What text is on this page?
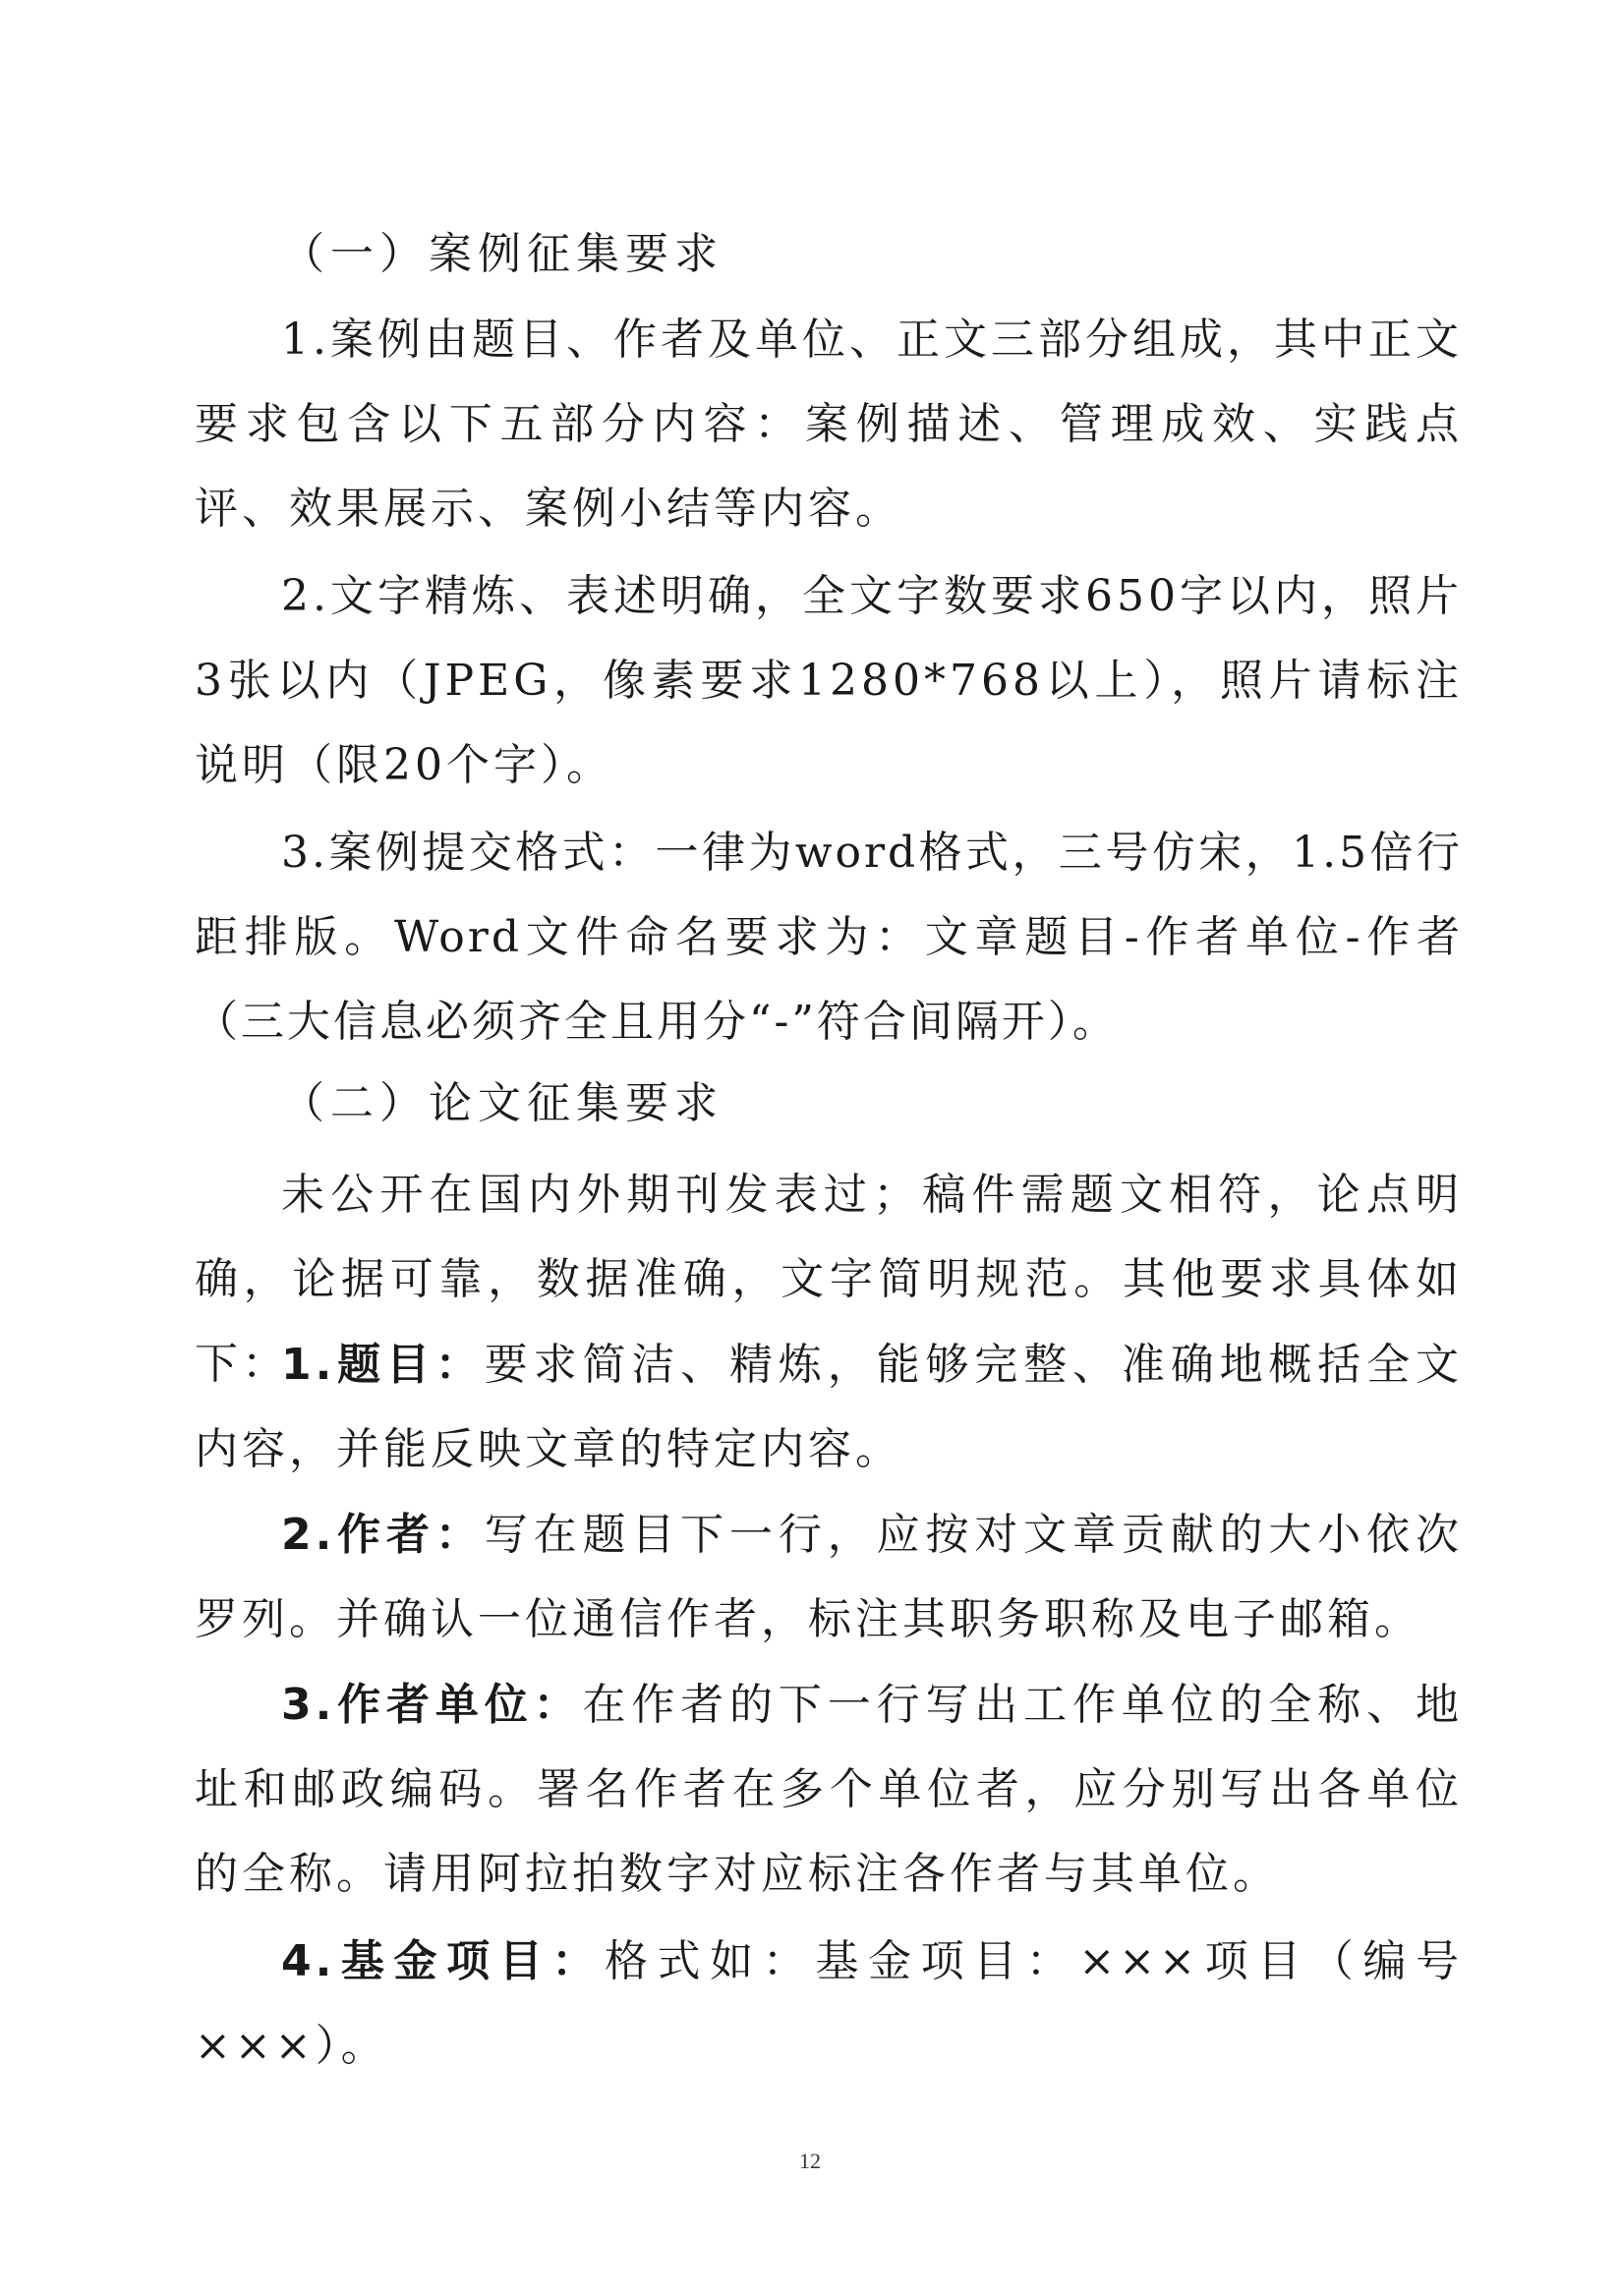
（一）案例征集要求
1.案例由题目、作者及单位、正文三部分组成，其中正文要求包含以下五部分内容：案例描述、管理成效、实践点评、效果展示、案例小结等内容。
2.文字精炼、表述明确，全文字数要求650字以内，照片3张以内（JPEG，像素要求1280*768以上），照片请标注说明（限20个字）。
3.案例提交格式：一律为word格式，三号仿宋，1.5倍行距排版。Word文件命名要求为：文章题目-作者单位-作者（三大信息必须齐全且用分“-”符合间隔开）。
（二）论文征集要求
未公开在国内外期刊发表过；稿件需题文相符，论点明确，论据可靠，数据准确，文字简明规范。其他要求具体如下：
1.题目：要求简洁、精炼，能够完整、准确地概括全文内容，并能反映文章的特定内容。
2.作者：写在题目下一行，应按对文章贡献的大小依次罗列。并确认一位通信作者，标注其职务职称及电子邮箱。
3.作者单位：在作者的下一行写出工作单位的全称、地址和邮政编码。署名作者在多个单位者，应分别写出各单位的全称。请用阿拉拍数字对应标注各作者与其单位。
4.基金项目：格式如：基金项目：×××项目（编号×××）。
12
